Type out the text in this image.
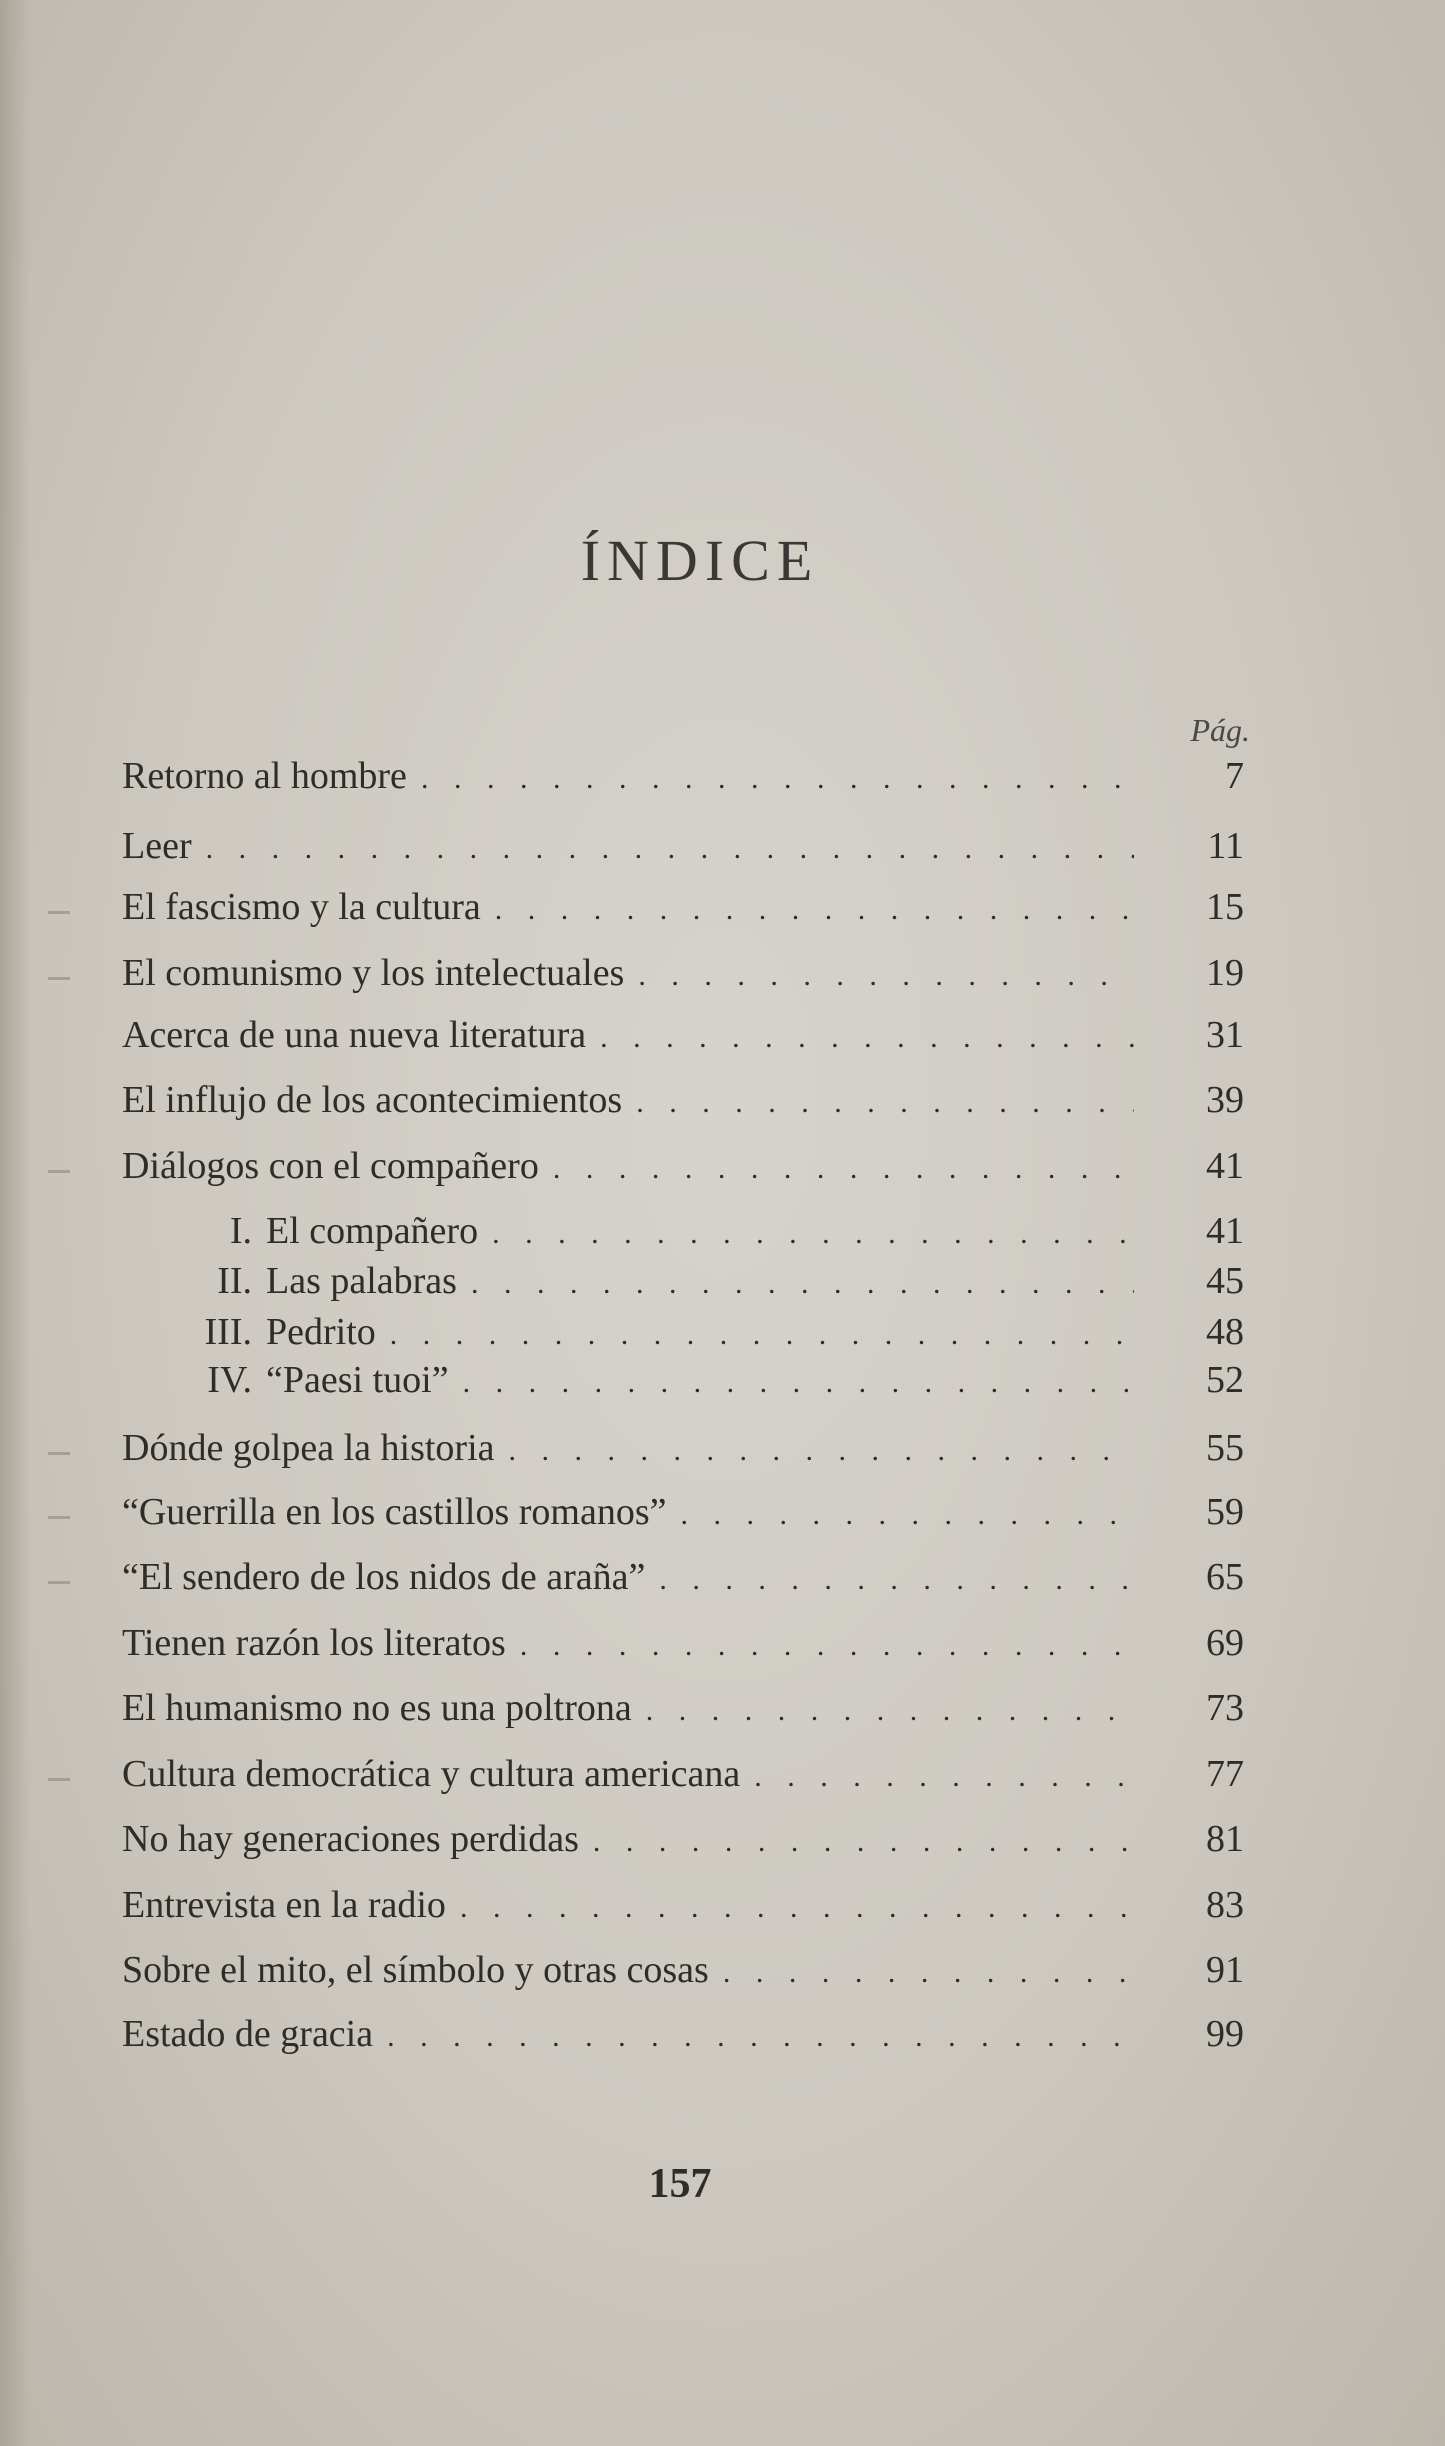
ÍNDICE
Pág.
Retorno al hombre . . .	7
Leer . . .	11
El fascismo y la cultura . . .	15
El comunismo y los intelectuales . . .	19
Acerca de una nueva literatura . . .	31
El influjo de los acontecimientos . . .	39
Diálogos con el compañero . . .	41
I. El compañero . . .	41
II. Las palabras . . .	45
III. Pedrito . . .	48
IV. “Paesi tuoi” . . .	52
Dónde golpea la historia . . .	55
“Guerrilla en los castillos romanos” . . .	59
“El sendero de los nidos de araña” . . .	65
Tienen razón los literatos . . .	69
El humanismo no es una poltrona . . .	73
Cultura democrática y cultura americana . . .	77
No hay generaciones perdidas . . .	81
Entrevista en la radio . . .	83
Sobre el mito, el símbolo y otras cosas . . .	91
Estado de gracia . . .	99
157
